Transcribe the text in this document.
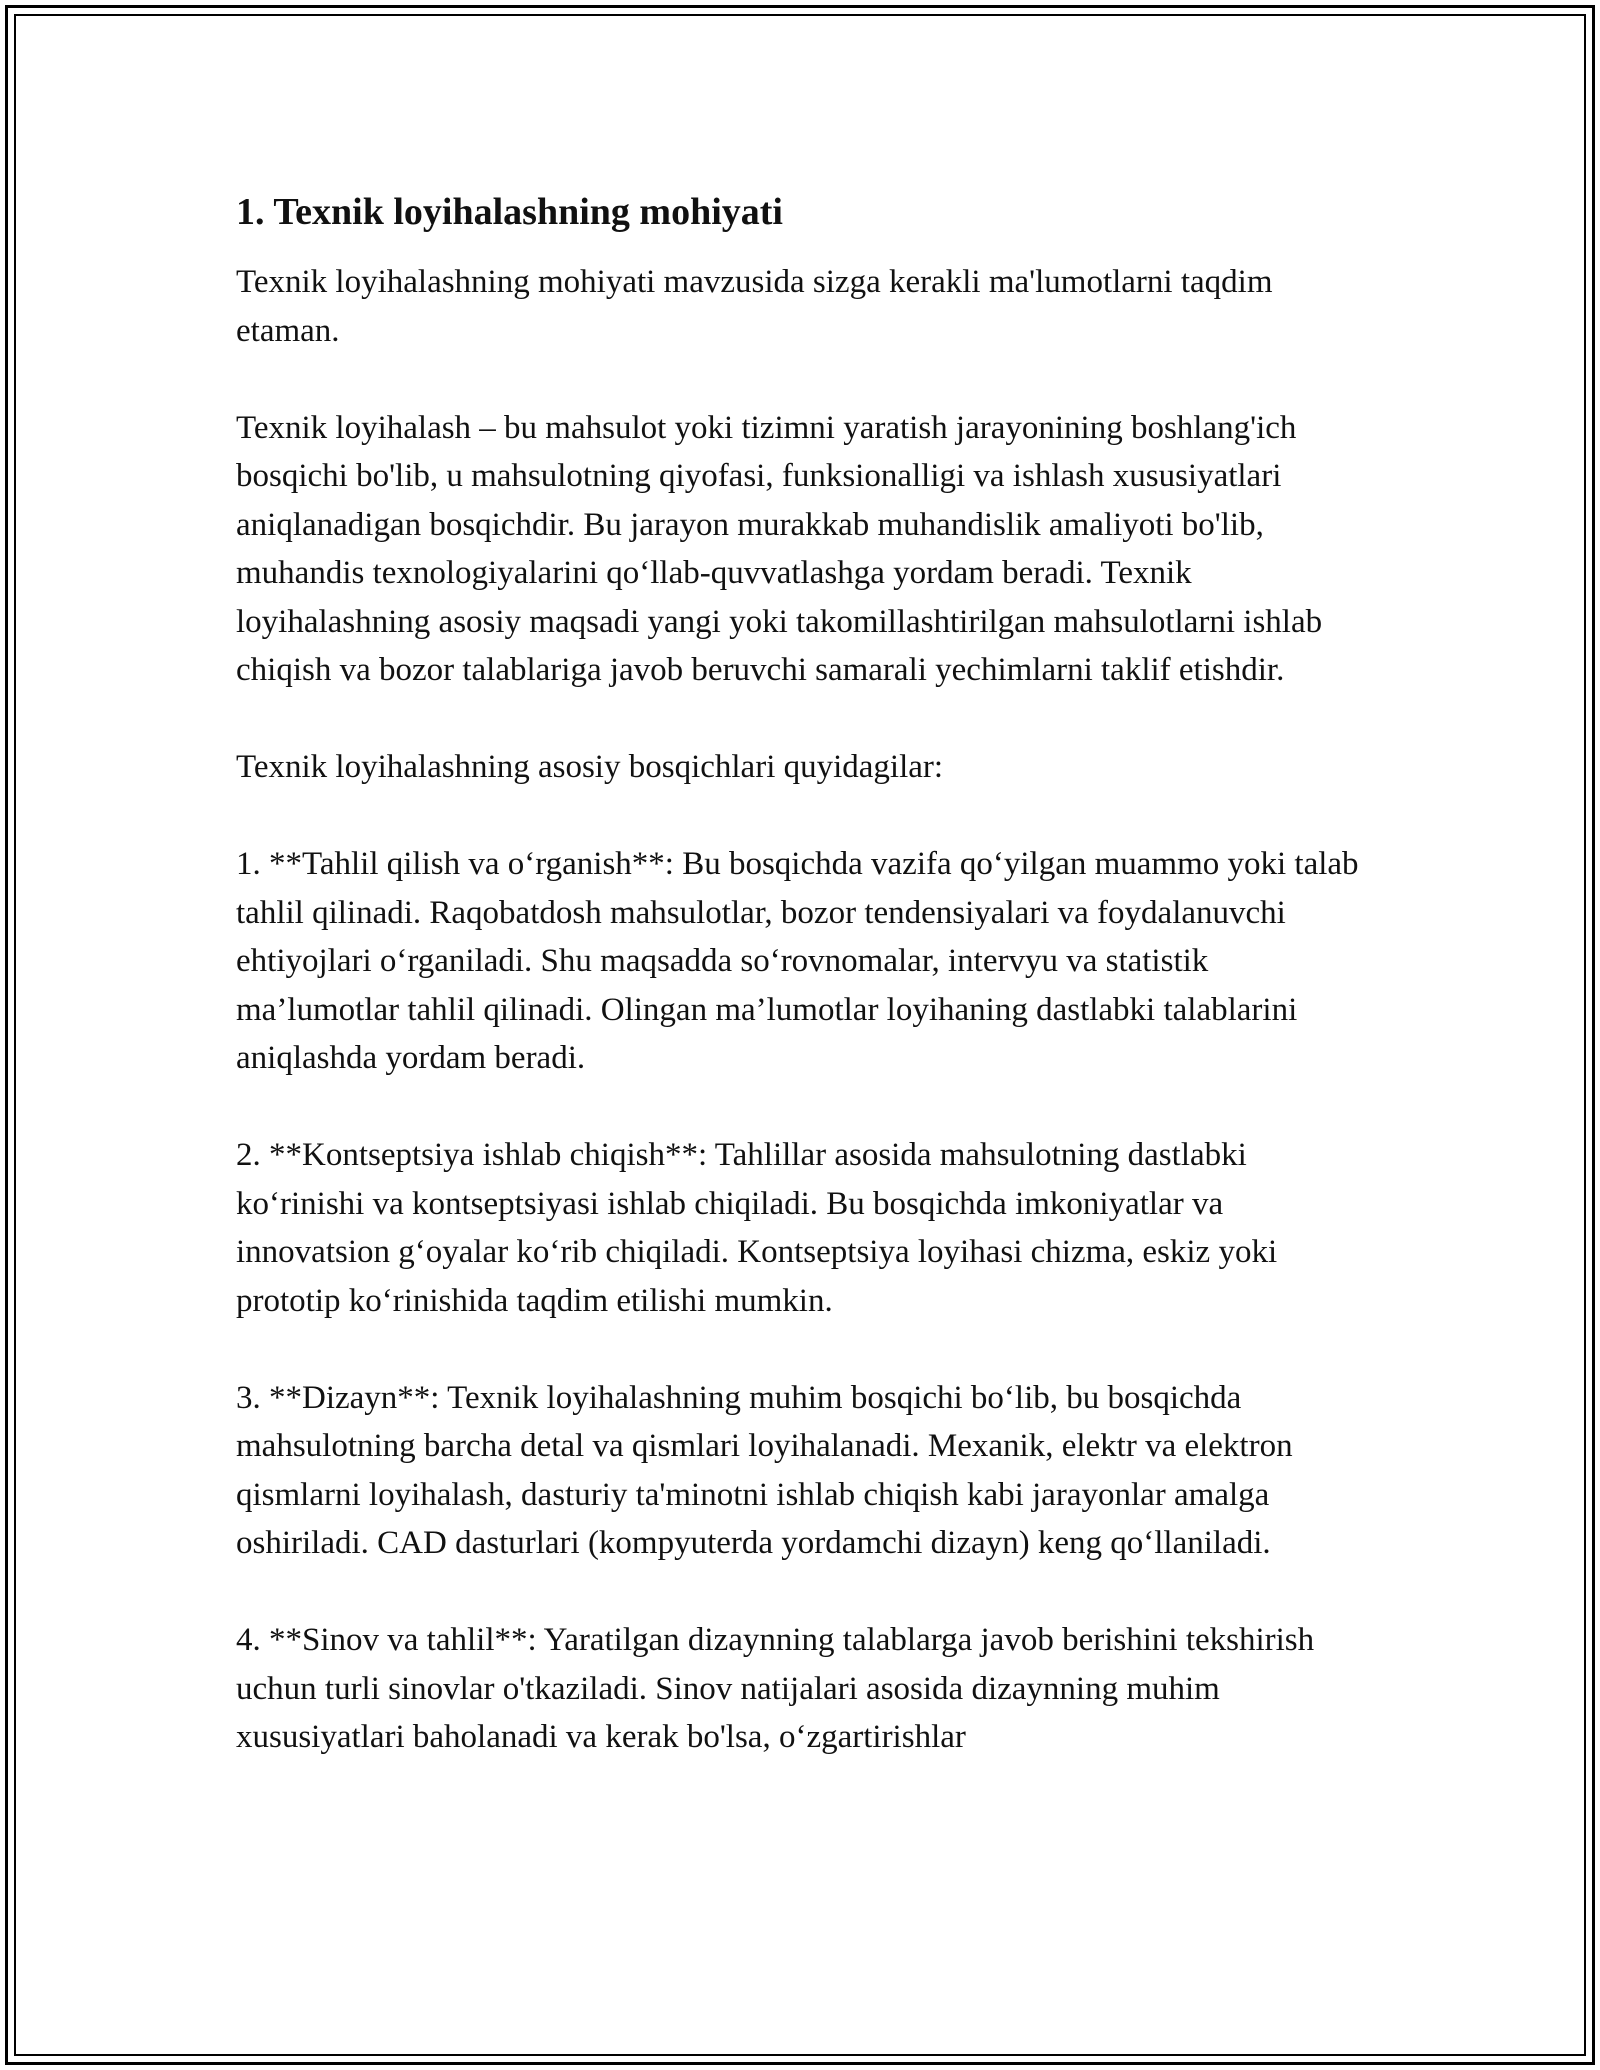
1. Texnik loyihalashning mohiyati

Texnik loyihalashning mohiyati mavzusida sizga kerakli ma'lumotlarni taqdim etaman.

Texnik loyihalash – bu mahsulot yoki tizimni yaratish jarayonining boshlang'ich bosqichi bo'lib, u mahsulotning qiyofasi, funksionalligi va ishlash xususiyatlari aniqlanadigan bosqichdir. Bu jarayon murakkab muhandislik amaliyoti bo'lib, muhandis texnologiyalarini qo‘llab-quvvatlashga yordam beradi. Texnik loyihalashning asosiy maqsadi yangi yoki takomillashtirilgan mahsulotlarni ishlab chiqish va bozor talablariga javob beruvchi samarali yechimlarni taklif etishdir.

Texnik loyihalashning asosiy bosqichlari quyidagilar:

1. **Tahlil qilish va o‘rganish**: Bu bosqichda vazifa qo‘yilgan muammo yoki talab tahlil qilinadi. Raqobatdosh mahsulotlar, bozor tendensiyalari va foydalanuvchi ehtiyojlari o‘rganiladi. Shu maqsadda so‘rovnomalar, intervyu va statistik ma’lumotlar tahlil qilinadi. Olingan ma’lumotlar loyihaning dastlabki talablarini aniqlashda yordam beradi.

2. **Kontseptsiya ishlab chiqish**: Tahlillar asosida mahsulotning dastlabki ko‘rinishi va kontseptsiyasi ishlab chiqiladi. Bu bosqichda imkoniyatlar va innovatsion g‘oyalar ko‘rib chiqiladi. Kontseptsiya loyihasi chizma, eskiz yoki prototip ko‘rinishida taqdim etilishi mumkin.

3. **Dizayn**: Texnik loyihalashning muhim bosqichi bo‘lib, bu bosqichda mahsulotning barcha detal va qismlari loyihalanadi. Mexanik, elektr va elektron qismlarni loyihalash, dasturiy ta'minotni ishlab chiqish kabi jarayonlar amalga oshiriladi. CAD dasturlari (kompyuterda yordamchi dizayn) keng qo‘llaniladi.

4. **Sinov va tahlil**: Yaratilgan dizaynning talablarga javob berishini tekshirish uchun turli sinovlar o'tkaziladi. Sinov natijalari asosida dizaynning muhim xususiyatlari baholanadi va kerak bo'lsa, o‘zgartirishlar
